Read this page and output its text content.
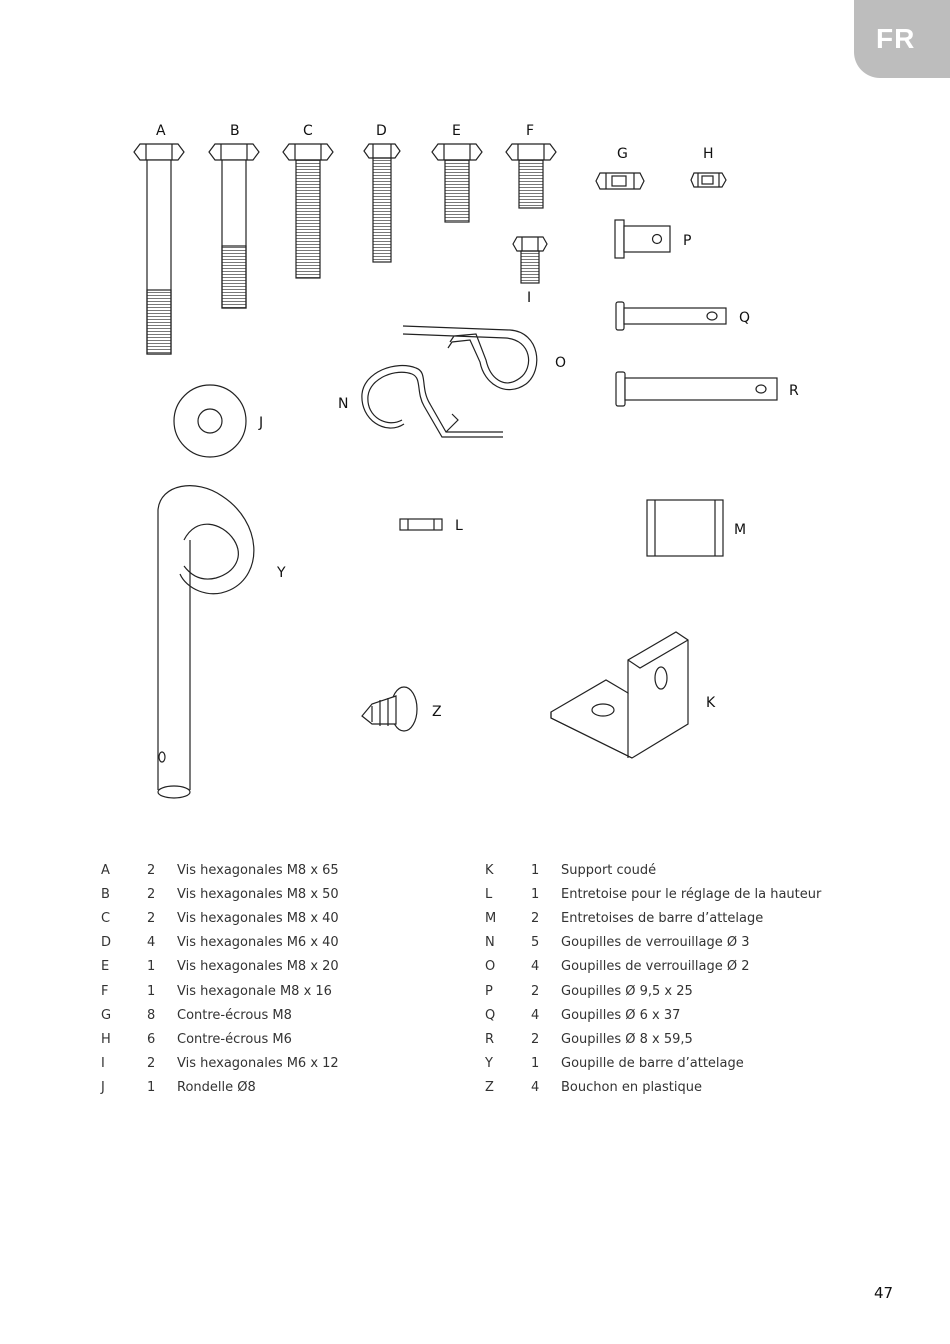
FR
A	B	C	D	E	F
G	H
I
P
Q
R
O
N
J
L	M
Y
Z
K
A	2	Vis hexagonales M8 x 65
B	2	Vis hexagonales M8 x 50
C	2	Vis hexagonales M8 x 40
D	4	Vis hexagonales M6 x 40
E	1	Vis hexagonales M8 x 20
F	1	Vis hexagonale M8 x 16
G	8	Contre-écrous M8
H	6	Contre-écrous M6
I	2	Vis hexagonales M6 x 12
J	1	Rondelle Ø8
K	1	Support coudé
L	1	Entretoise pour le réglage de la hauteur
M	2	Entretoises de barre d’attelage
N	5	Goupilles de verrouillage Ø 3
O	4	Goupilles de verrouillage Ø 2
P	2	Goupilles Ø 9,5 x 25
Q	4	Goupilles Ø 6 x 37
R	2	Goupilles Ø 8 x 59,5
Y	1	Goupille de barre d’attelage
Z	4	Bouchon en plastique
47
